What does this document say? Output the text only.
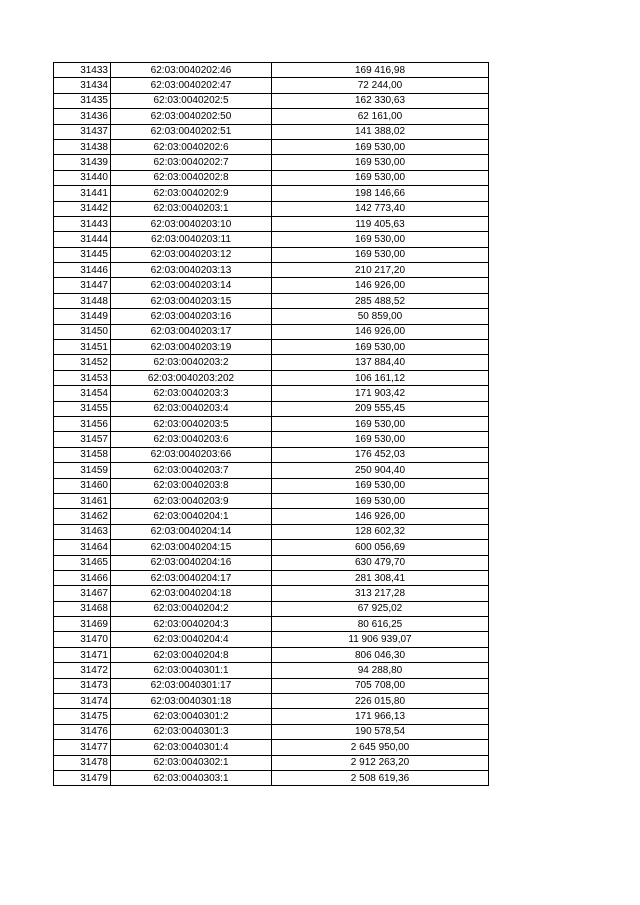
31433	62:03:0040202:46	169 416,98
31434	62:03:0040202:47	72 244,00
31435	62:03:0040202:5	162 330,63
31436	62:03:0040202:50	62 161,00
31437	62:03:0040202:51	141 388,02
31438	62:03:0040202:6	169 530,00
31439	62:03:0040202:7	169 530,00
31440	62:03:0040202:8	169 530,00
31441	62:03:0040202:9	198 146,66
31442	62:03:0040203:1	142 773,40
31443	62:03:0040203:10	119 405,63
31444	62:03:0040203:11	169 530,00
31445	62:03:0040203:12	169 530,00
31446	62:03:0040203:13	210 217,20
31447	62:03:0040203:14	146 926,00
31448	62:03:0040203:15	285 488,52
31449	62:03:0040203:16	50 859,00
31450	62:03:0040203:17	146 926,00
31451	62:03:0040203:19	169 530,00
31452	62:03:0040203:2	137 884,40
31453	62:03:0040203:202	106 161,12
31454	62:03:0040203:3	171 903,42
31455	62:03:0040203:4	209 555,45
31456	62:03:0040203:5	169 530,00
31457	62:03:0040203:6	169 530,00
31458	62:03:0040203:66	176 452,03
31459	62:03:0040203:7	250 904,40
31460	62:03:0040203:8	169 530,00
31461	62:03:0040203:9	169 530,00
31462	62:03:0040204:1	146 926,00
31463	62:03:0040204:14	128 602,32
31464	62:03:0040204:15	600 056,69
31465	62:03:0040204:16	630 479,70
31466	62:03:0040204:17	281 308,41
31467	62:03:0040204:18	313 217,28
31468	62:03:0040204:2	67 925,02
31469	62:03:0040204:3	80 616,25
31470	62:03:0040204:4	11 906 939,07
31471	62:03:0040204:8	806 046,30
31472	62:03:0040301:1	94 288,80
31473	62:03:0040301:17	705 708,00
31474	62:03:0040301:18	226 015,80
31475	62:03:0040301:2	171 966,13
31476	62:03:0040301:3	190 578,54
31477	62:03:0040301:4	2 645 950,00
31478	62:03:0040302:1	2 912 263,20
31479	62:03:0040303:1	2 508 619,36
